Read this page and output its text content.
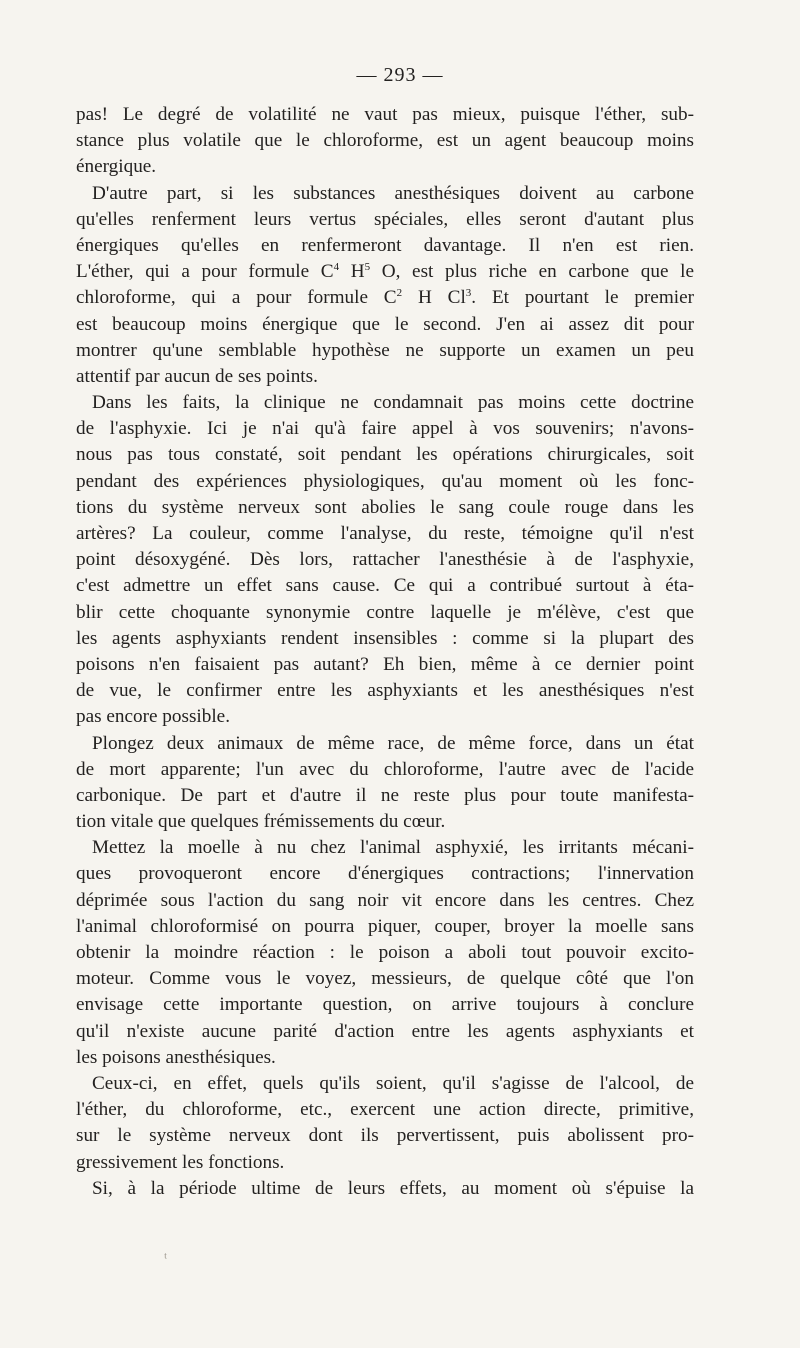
— 293 —
pas! Le degré de volatilité ne vaut pas mieux, puisque l'éther, sub-
stance plus volatile que le chloroforme, est un agent beaucoup moins
énergique.
D'autre part, si les substances anesthésiques doivent au carbone
qu'elles renferment leurs vertus spéciales, elles seront d'autant plus
énergiques qu'elles en renfermeront davantage. Il n'en est rien.
L'éther, qui a pour formule $C^4$ $H^5$ O, est plus riche en carbone que le
chloroforme, qui a pour formule $C^2$ H Cl$^3$. Et pourtant le premier
est beaucoup moins énergique que le second. J'en ai assez dit pour
montrer qu'une semblable hypothèse ne supporte un examen un peu
attentif par aucun de ses points.
Dans les faits, la clinique ne condamnait pas moins cette doctrine
de l'asphyxie. Ici je n'ai qu'à faire appel à vos souvenirs; n'avons-
nous pas tous constaté, soit pendant les opérations chirurgicales, soit
pendant des expériences physiologiques, qu'au moment où les fonc-
tions du système nerveux sont abolies le sang coule rouge dans les
artères? La couleur, comme l'analyse, du reste, témoigne qu'il n'est
point désoxygéné. Dès lors, rattacher l'anesthésie à de l'asphyxie,
c'est admettre un effet sans cause. Ce qui a contribué surtout à éta-
blir cette choquante synonymie contre laquelle je m'élève, c'est que
les agents asphyxiants rendent insensibles : comme si la plupart des
poisons n'en faisaient pas autant? Eh bien, même à ce dernier point
de vue, le confirmer entre les asphyxiants et les anesthésiques n'est
pas encore possible.
Plongez deux animaux de même race, de même force, dans un état
de mort apparente; l'un avec du chloroforme, l'autre avec de l'acide
carbonique. De part et d'autre il ne reste plus pour toute manifesta-
tion vitale que quelques frémissements du cœur.
Mettez la moelle à nu chez l'animal asphyxié, les irritants mécani-
ques provoqueront encore d'énergiques contractions; l'innervation
déprimée sous l'action du sang noir vit encore dans les centres. Chez
l'animal chloroformisé on pourra piquer, couper, broyer la moelle sans
obtenir la moindre réaction : le poison a aboli tout pouvoir excito-
moteur. Comme vous le voyez, messieurs, de quelque côté que l'on
envisage cette importante question, on arrive toujours à conclure
qu'il n'existe aucune parité d'action entre les agents asphyxiants et
les poisons anesthésiques.
Ceux-ci, en effet, quels qu'ils soient, qu'il s'agisse de l'alcool, de
l'éther, du chloroforme, etc., exercent une action directe, primitive,
sur le système nerveux dont ils pervertissent, puis abolissent pro-
gressivement les fonctions.
Si, à la période ultime de leurs effets, au moment où s'épuise la
ᵗ
